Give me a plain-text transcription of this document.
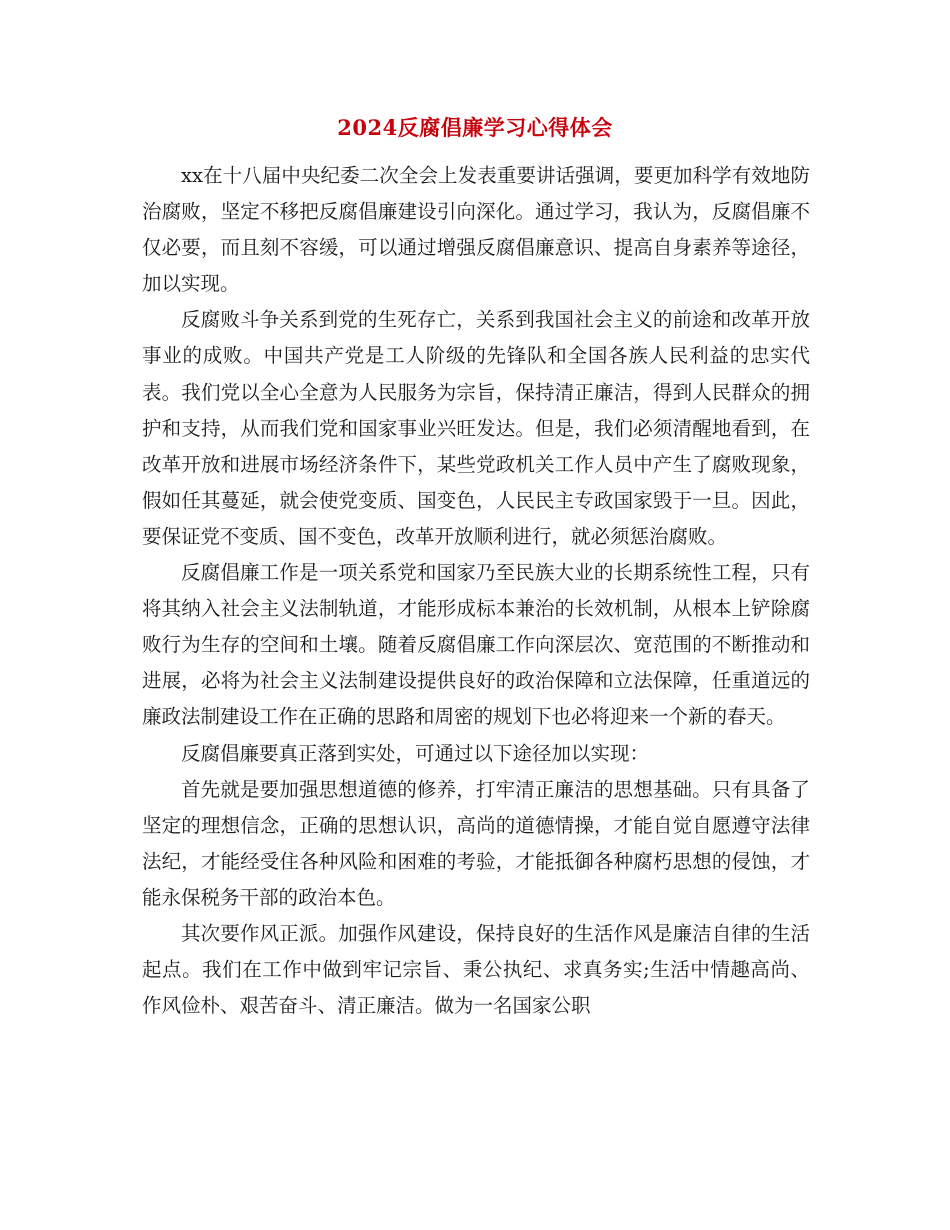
2024反腐倡廉学习心得体会

xx在十八届中央纪委二次全会上发表重要讲话强调，要更加科学有效地防治腐败，坚定不移把反腐倡廉建设引向深化。通过学习，我认为，反腐倡廉不仅必要，而且刻不容缓，可以通过增强反腐倡廉意识、提高自身素养等途径，加以实现。

反腐败斗争关系到党的生死存亡，关系到我国社会主义的前途和改革开放事业的成败。中国共产党是工人阶级的先锋队和全国各族人民利益的忠实代表。我们党以全心全意为人民服务为宗旨，保持清正廉洁，得到人民群众的拥护和支持，从而我们党和国家事业兴旺发达。但是，我们必须清醒地看到，在改革开放和进展市场经济条件下，某些党政机关工作人员中产生了腐败现象，假如任其蔓延，就会使党变质、国变色，人民民主专政国家毁于一旦。因此，要保证党不变质、国不变色，改革开放顺利进行，就必须惩治腐败。

反腐倡廉工作是一项关系党和国家乃至民族大业的长期系统性工程，只有将其纳入社会主义法制轨道，才能形成标本兼治的长效机制，从根本上铲除腐败行为生存的空间和土壤。随着反腐倡廉工作向深层次、宽范围的不断推动和进展，必将为社会主义法制建设提供良好的政治保障和立法保障，任重道远的廉政法制建设工作在正确的思路和周密的规划下也必将迎来一个新的春天。

反腐倡廉要真正落到实处，可通过以下途径加以实现：

首先就是要加强思想道德的修养，打牢清正廉洁的思想基础。只有具备了坚定的理想信念，正确的思想认识，高尚的道德情操，才能自觉自愿遵守法律法纪，才能经受住各种风险和困难的考验，才能抵御各种腐朽思想的侵蚀，才能永保税务干部的政治本色。

其次要作风正派。加强作风建设，保持良好的生活作风是廉洁自律的生活起点。我们在工作中做到牢记宗旨、秉公执纪、求真务实;生活中情趣高尚、作风俭朴、艰苦奋斗、清正廉洁。做为一名国家公职
